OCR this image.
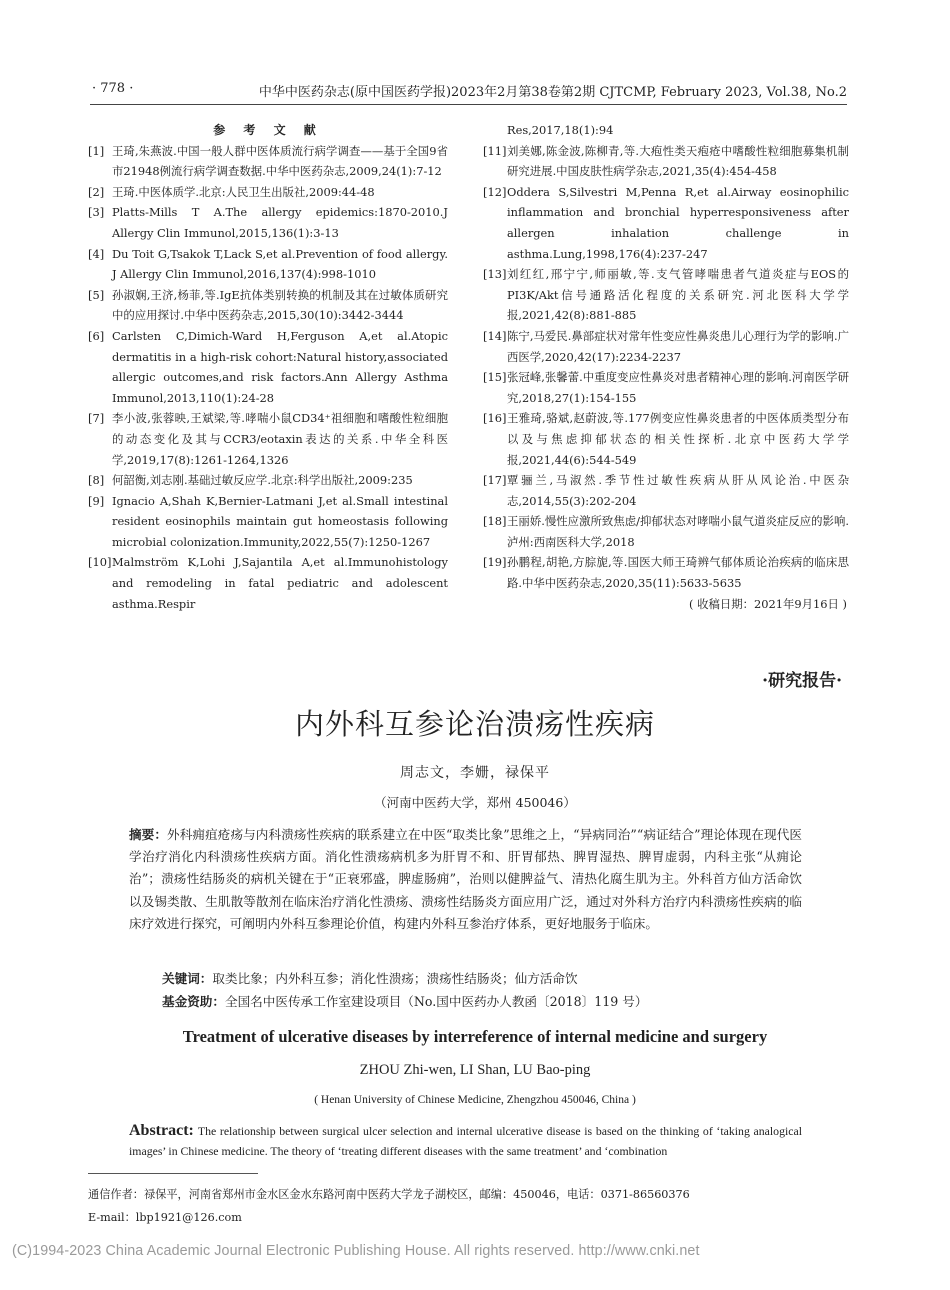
· 778 ·	中华中医药杂志(原中国医药学报)2023年2月第38卷第2期 CJTCMP, February 2023, Vol.38, No.2
参 考 文 献
[1] 王琦,朱燕波.中国一般人群中医体质流行病学调查——基于全国9省市21948例流行病学调查数据.中华中医药杂志,2009,24(1):7-12
[2] 王琦.中医体质学.北京:人民卫生出版社,2009:44-48
[3] Platts-Mills T A.The allergy epidemics:1870-2010.J Allergy Clin Immunol,2015,136(1):3-13
[4] Du Toit G,Tsakok T,Lack S,et al.Prevention of food allergy. J Allergy Clin Immunol,2016,137(4):998-1010
[5] 孙淑娴,王济,杨菲,等.IgE抗体类别转换的机制及其在过敏体质研究中的应用探讨.中华中医药杂志,2015,30(10):3442-3444
[6] Carlsten C,Dimich-Ward H,Ferguson A,et al.Atopic dermatitis in a high-risk cohort:Natural history,associated allergic outcomes,and risk factors.Ann Allergy Asthma Immunol,2013,110(1):24-28
[7] 李小波,张蓉映,王斌梁,等.哮喘小鼠CD34⁺祖细胞和嗜酸性粒细胞的动态变化及其与CCR3/eotaxin表达的关系.中华全科医学,2019,17(8):1261-1264,1326
[8] 何韶衡,刘志刚.基础过敏反应学.北京:科学出版社,2009:235
[9] Ignacio A,Shah K,Bernier-Latmani J,et al.Small intestinal resident eosinophils maintain gut homeostasis following microbial colonization.Immunity,2022,55(7):1250-1267
[10] Malmström K,Lohi J,Sajantila A,et al.Immunohistology and remodeling in fatal pediatric and adolescent asthma.Respir
Res,2017,18(1):94
[11] 刘美娜,陈金波,陈柳青,等.大疱性类天疱疮中嗜酸性粒细胞募集机制研究进展.中国皮肤性病学杂志,2021,35(4):454-458
[12] Oddera S,Silvestri M,Penna R,et al.Airway eosinophilic inflammation and bronchial hyperresponsiveness after allergen inhalation challenge in asthma.Lung,1998,176(4):237-247
[13] 刘红红,邢宁宁,师丽敏,等.支气管哮喘患者气道炎症与EOS的PI3K/Akt信号通路活化程度的关系研究.河北医科大学学报,2021,42(8):881-885
[14] 陈宁,马爱民.鼻部症状对常年性变应性鼻炎患儿心理行为学的影响.广西医学,2020,42(17):2234-2237
[15] 张冠峰,张馨蕾.中重度变应性鼻炎对患者精神心理的影响.河南医学研究,2018,27(1):154-155
[16] 王雅琦,骆斌,赵蔚波,等.177例变应性鼻炎患者的中医体质类型分布以及与焦虑抑郁状态的相关性探析.北京中医药大学学报,2021,44(6):544-549
[17] 覃骊兰,马淑然.季节性过敏性疾病从肝从风论治.中医杂志,2014,55(3):202-204
[18] 王丽娇.慢性应激所致焦虑/抑郁状态对哮喘小鼠气道炎症反应的影响.泸州:西南医科大学,2018
[19] 孙鹏程,胡艳,方腙旎,等.国医大师王琦辨气郁体质论治疾病的临床思路.中华中医药杂志,2020,35(11):5633-5635
( 收稿日期：2021年9月16日 )
·研究报告·
内外科互参论治溃疡性疾病
周志文，李姗，禄保平
（河南中医药大学，郑州 450046）
摘要：外科痈疽疮疡与内科溃疡性疾病的联系建立在中医“取类比象”思维之上，“异病同治”“病证结合”理论体现在现代医学治疗消化内科溃疡性疾病方面。消化性溃疡病机多为肝胃不和、肝胃郁热、脾胃湿热、脾胃虚弱，内科主张“从痈论治”；溃疡性结肠炎的病机关键在于“正衰邪盛，脾虚肠痈”，治则以健脾益气、清热化腐生肌为主。外科首方仙方活命饮以及锡类散、生肌散等散剂在临床治疗消化性溃疡、溃疡性结肠炎方面应用广泛，通过对外科方治疗内科溃疡性疾病的临床疗效进行探究，可阐明内外科互参理论价值，构建内外科互参治疗体系，更好地服务于临床。
关键词：取类比象；内外科互参；消化性溃疡；溃疡性结肠炎；仙方活命饮
基金资助：全国名中医传承工作室建设项目（No.国中医药办人教函〔2018〕119 号）
Treatment of ulcerative diseases by interreference of internal medicine and surgery
ZHOU Zhi-wen, LI Shan, LU Bao-ping
( Henan University of Chinese Medicine, Zhengzhou 450046, China )
Abstract: The relationship between surgical ulcer selection and internal ulcerative disease is based on the thinking of ‘taking analogical images’ in Chinese medicine. The theory of ‘treating different diseases with the same treatment’ and ‘combination
通信作者：禄保平，河南省郑州市金水区金水东路河南中医药大学龙子湖校区，邮编：450046，电话：0371-86560376
E-mail：lbp1921@126.com
(C)1994-2023 China Academic Journal Electronic Publishing House. All rights reserved. http://www.cnki.net
